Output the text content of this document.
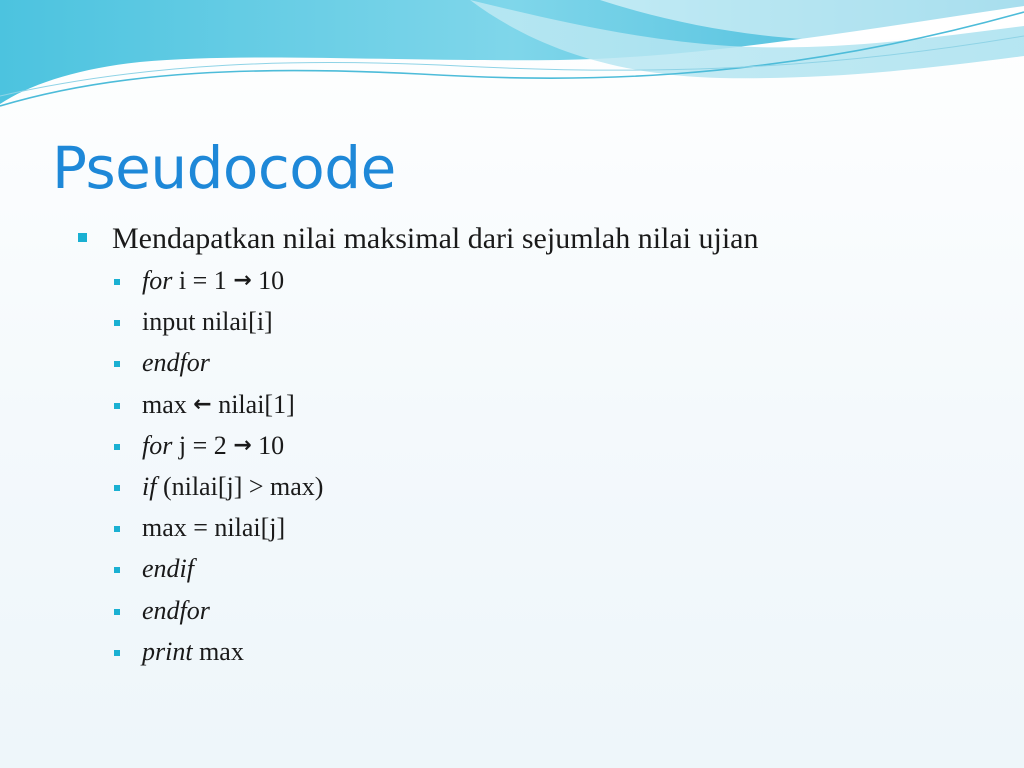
Pseudocode
Mendapatkan nilai maksimal dari sejumlah nilai ujian
for i = 1 → 10
input nilai[i]
endfor
max ← nilai[1]
for j = 2 → 10
if (nilai[j] > max)
max = nilai[j]
endif
endfor
print max
